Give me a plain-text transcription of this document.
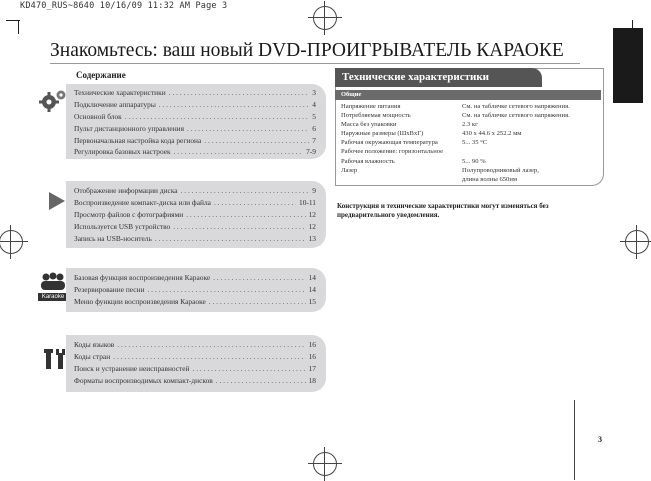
KD470_RUS~8640 10/16/09 11:32 AM Page 3
Знакомьтесь: ваш новый DVD-ПРОИГРЫВАТЕЛЬ КАРАОКЕ
Содержание
Технические характеристики . . .	3
Подключение аппаратуры . . .	4
Основной блок . . .	5
Пульт дистанционного управления . . .	6
Первоначальная настройка кода региона . . .	7
Регулировка базовых настроек . . .	7-9
Отображение информации диска . . .	9
Воспроизведение компакт-диска или файла . . .	10-11
Просмотр файлов с фотографиями . . .	12
Используется USB устройство . . .	12
Запись на USB-носитель . . .	13
Karaoke
Базовая функция воспроизведения Караоке . . .	14
Резервирование песни . . .	14
Меню функции воспроизведения Караоке . . .	15
Коды языков . . .	16
Коды стран . . .	16
Поиск и устранение неисправностей . . .	17
Форматы воспроизводимых компакт-дисков . . .	18
Технические характеристики
Общие
Напряжение питания	См. на табличке сетевого напряжения.
Потребляемая мощность	См. на табличке сетевого напряжения.
Масса без упаковки	2.3 кг
Наружные размеры (ШxВxГ)	430 x 44.6 x 252.2 мм
Рабочая окружающая температура	5... 35 °C
Рабочее положение: горизонтальное
Рабочая влажность	5... 90 %
Лазер	Полупроводниковый лазер,
длина волны 650нм
Конструкция и технические характеристики могут изменяться без предварительного уведомления.
3
